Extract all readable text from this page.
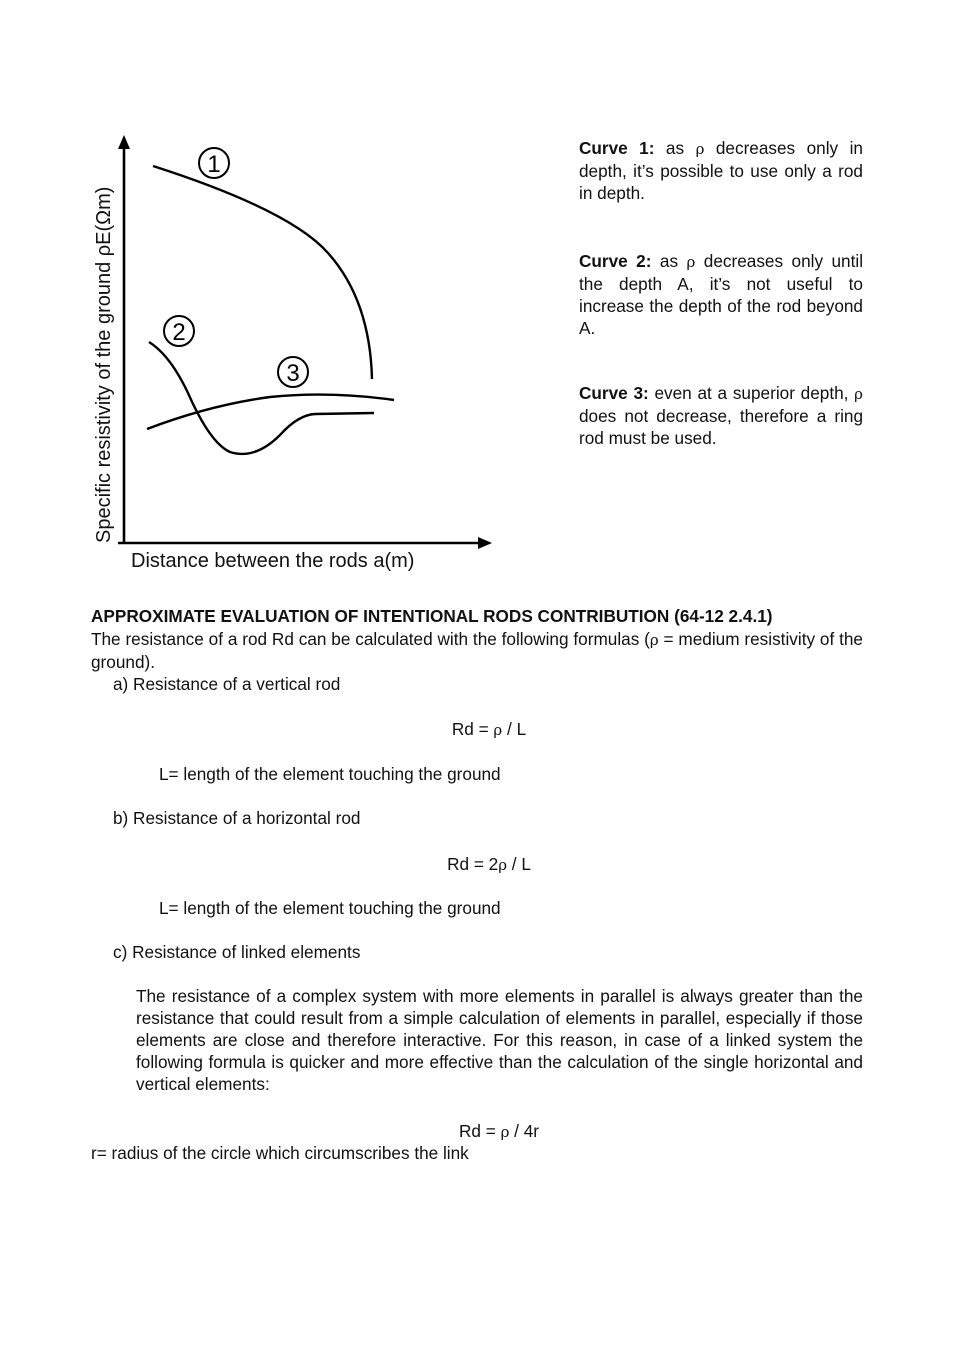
1
2
3
Specific resistivity of the ground ρE(Ωm)
Distance between the rods a(m)
Curve 1: as ρ decreases only in depth, it’s possible to use only a rod in depth.
Curve 2: as ρ decreases only until the depth A, it’s not useful to increase the depth of the rod beyond A.
Curve 3: even at a superior depth, ρ does not decrease, therefore a ring rod must be used.
APPROXIMATE EVALUATION OF INTENTIONAL RODS CONTRIBUTION (64-12 2.4.1)
The resistance of a rod Rd can be calculated with the following formulas (ρ = medium resistivity of the ground).
a) Resistance of a vertical rod
Rd = ρ / L
L= length of the element touching the ground
b) Resistance of a horizontal rod
Rd = 2ρ / L
L= length of the element touching the ground
c) Resistance of linked elements
The resistance of a complex system with more elements in parallel is always greater than the resistance that could result from a simple calculation of elements in parallel, especially if those elements are close and therefore interactive. For this reason, in case of a linked system the following formula is quicker and more effective than the calculation of the single horizontal and vertical elements:
Rd = ρ / 4r
r= radius of the circle which circumscribes the link
